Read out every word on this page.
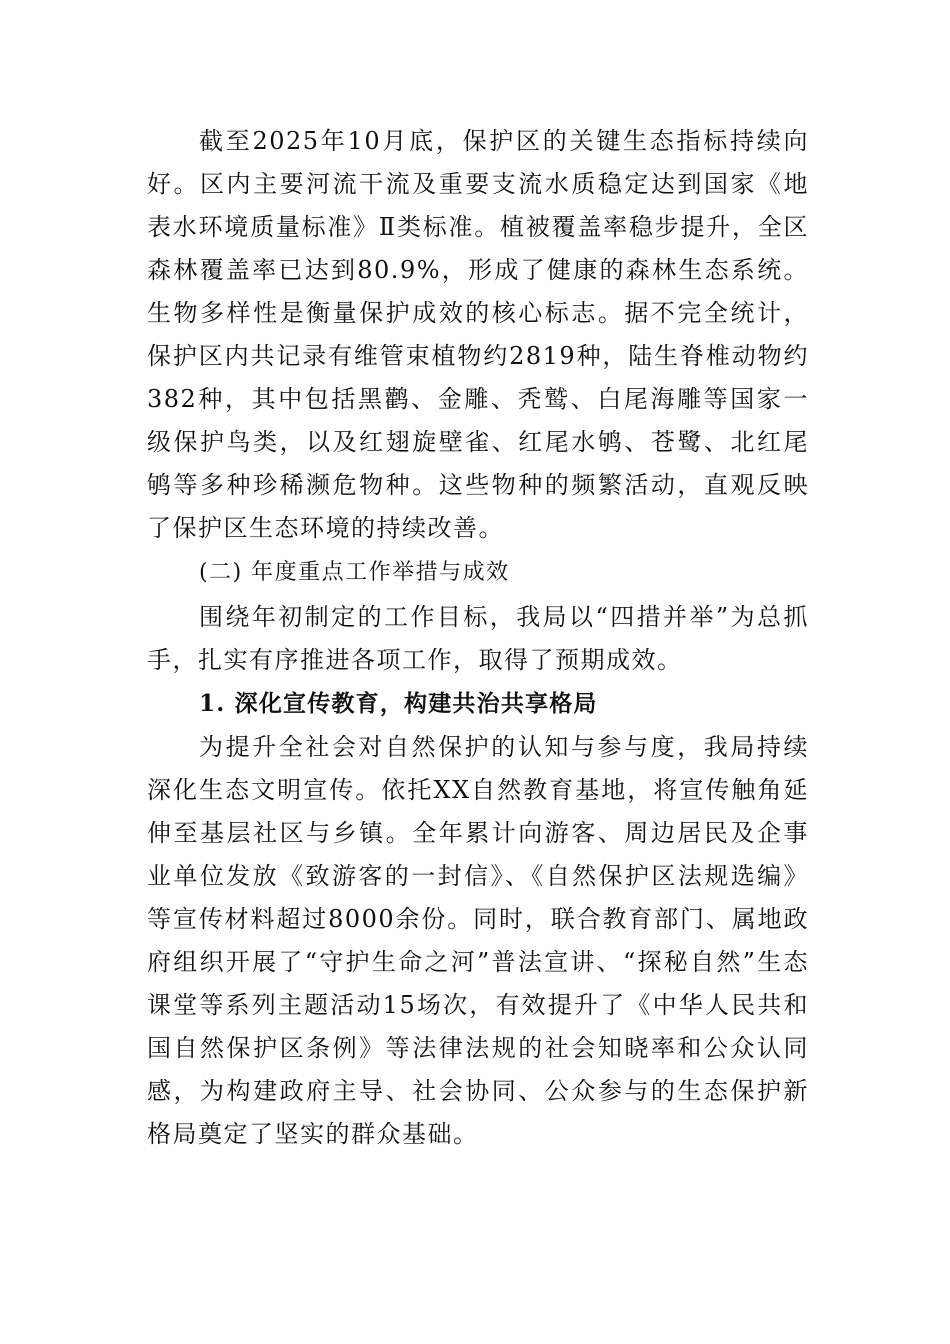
截至2025年10月底，保护区的关键生态指标持续向好。区内主要河流干流及重要支流水质稳定达到国家《地表水环境质量标准》Ⅱ类标准。植被覆盖率稳步提升，全区森林覆盖率已达到80.9%，形成了健康的森林生态系统。生物多样性是衡量保护成效的核心标志。据不完全统计，保护区内共记录有维管束植物约2819种，陆生脊椎动物约382种，其中包括黑鹳、金雕、秃鹫、白尾海雕等国家一级保护鸟类，以及红翅旋壁雀、红尾水鸲、苍鹭、北红尾鸲等多种珍稀濒危物种。这些物种的频繁活动，直观反映了保护区生态环境的持续改善。

(二) 年度重点工作举措与成效

围绕年初制定的工作目标，我局以“四措并举”为总抓手，扎实有序推进各项工作，取得了预期成效。

1. 深化宣传教育，构建共治共享格局

为提升全社会对自然保护的认知与参与度，我局持续深化生态文明宣传。依托XX自然教育基地，将宣传触角延伸至基层社区与乡镇。全年累计向游客、周边居民及企事业单位发放《致游客的一封信》、《自然保护区法规选编》等宣传材料超过8000余份。同时，联合教育部门、属地政府组织开展了“守护生命之河”普法宣讲、“探秘自然”生态课堂等系列主题活动15场次，有效提升了《中华人民共和国自然保护区条例》等法律法规的社会知晓率和公众认同感，为构建政府主导、社会协同、公众参与的生态保护新格局奠定了坚实的群众基础。
